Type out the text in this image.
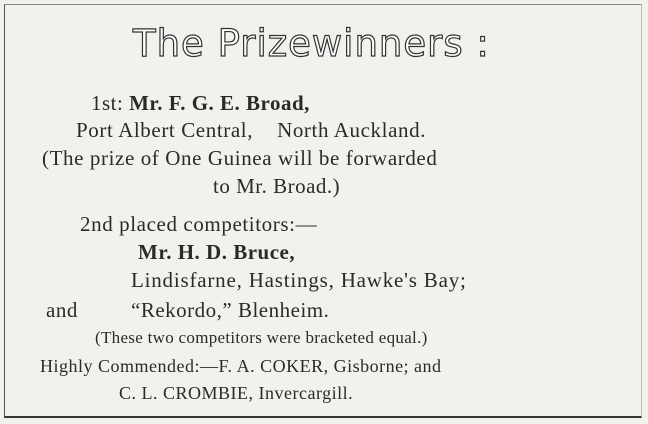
The Prizewinners :
1st: Mr. F. G. E. Broad,
Port Albert Central, North Auckland.
(The prize of One Guinea will be forwarded
to Mr. Broad.)
2nd placed competitors:—
Mr. H. D. Bruce,
Lindisfarne, Hastings, Hawke's Bay;
and	“Rekordo,” Blenheim.
(These two competitors were bracketed equal.)
Highly Commended:—F. A. COKER, Gisborne; and
C. L. CROMBIE, Invercargill.
